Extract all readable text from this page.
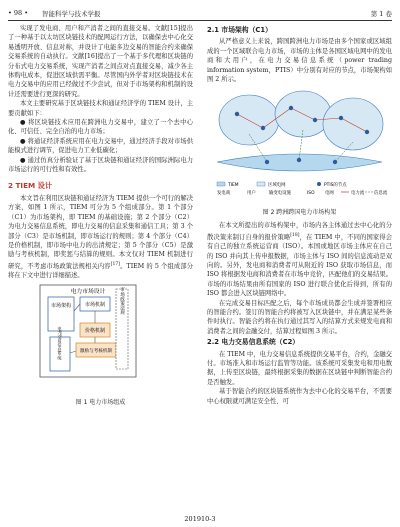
• 98 • 智能科学与技术学报	第 1 卷

实现了发电商、用户和产消者之间的直接交易。文献[15]提出了一种基于以太坊区块链技术的配网运行方法，以确保去中心化交易透明开放、信息对称，并设计了电能多边交易的智能合约来确保交易系统的自动执行。文献[16]提出了一个基于多代理和区块链的分布式电力交易系统，实现产消者之间点对点直接交易，减少各主体购电成本，促进区域供需平衡。尽管国内外学者对区块链技术在电力交易中的应用已经做过不少尝试，但对于市场架构和机制的设计还需要进行更深的研究。

本文主要研究基于区块链技术和通证经济学的 TIEM 设计，主要贡献如下：

● 将区块链技术应用在跨洲电力交易中，建立了一个去中心化、可信任、完全自治的电力市场；

● 将通证经济系统应用在电力交易中，通过经济手段对市场供能模式进行调节，促进电力工业低碳化；

● 通过仿真分析验证了基于区块链和通证经济的国际洲际电力市场运行的可行性和有效性。

2 TIEM 设计

本文旨在利用区块链和通证经济为 TIEM 提供一个可行的解决方案，如图 1 所示，TIEM 可分为 5 个组成部分。第 1 个部分（C1）为市场架构，即 TIEM 的基础设施；第 2 个部分（C2）为电力交易信息系统，即电力交易的信息采集和通信工具；第 3 个部分（C3）是市场机制，即市场运行的规则；第 4 个部分（C4）是价格机制，即市场中电力的出清规定；第 5 个部分（C5）是激励与考核机制，即奖惩与结算的规则。本文仅对 TIEM 机制进行研究，不考虑市场政策法规相关内容[17]。TIEM 的 5 个组成部分将在下文中进行详细描述。

电力市场设计
市场架构
电力交易信息系统
市场机制
价格机制
激励与考核机制
市场政策法规
图 1 电力市场组成
2.1 市场架构（C1）

从严格意义上来说，跨国跨洲电力市场是由多个国家或区域组成的一个区域联合电力市场，市场的主体是各国区域电网中的发电商和大用户，在电力交易信息系统（power trading information system，PTIS）中分别有对应的节点，市场架构如图 2 所示。

TIEM	区域电网	PTIS的节点
发电商	用户	输变电设施	ISO 电网	电力流 信息流
图 2 跨洲跨国电力市场构架

在本文所提出的市场构架中，市场内各主体通过去中心化的分散决策来制订自身的报价策略[18]，在 TIEM 中，不同的国家得会有自己的独立系统运营商（ISO）。本国或地区市场主体应在自己的 ISO 并向其上传申报数据，市场主体与 ISO 间的信息流动是双向的。另外，发电商和消费者可从附近的 ISO 获取市场信息，而 ISO 将根据发电商和消费者在市场中竞价，匹配他们的交易结果。市场的市场结果由所有国家的 ISO 进行联合优化后得到，所有的 ISO 都会进入区块链网络中。

在完成交易目标匹配之后，每个市场成员都会生成并签署相应的智能合约。签订的智能合约将被写入区块链中，并在满足某些条件时执行。智能合约将在执行通过其写入的结算方式来规发电商和消费者之间的金融交付，结算过程如图 3 所示。

2.2 电力交易信息系统（C2）

在 TIEM 中，电力交易信息系统提供交易平台，合约，金融交付。市场准入和市场运行监管等功能。该系统可采集发电和用电数据，上传至区块链，最终根据采集的数据在区块链中判断智能合约是否触发。

基于智能合约的区块链系统作为去中心化的交易平台，不需要中心权限就可满足安全性、可

201910-3
